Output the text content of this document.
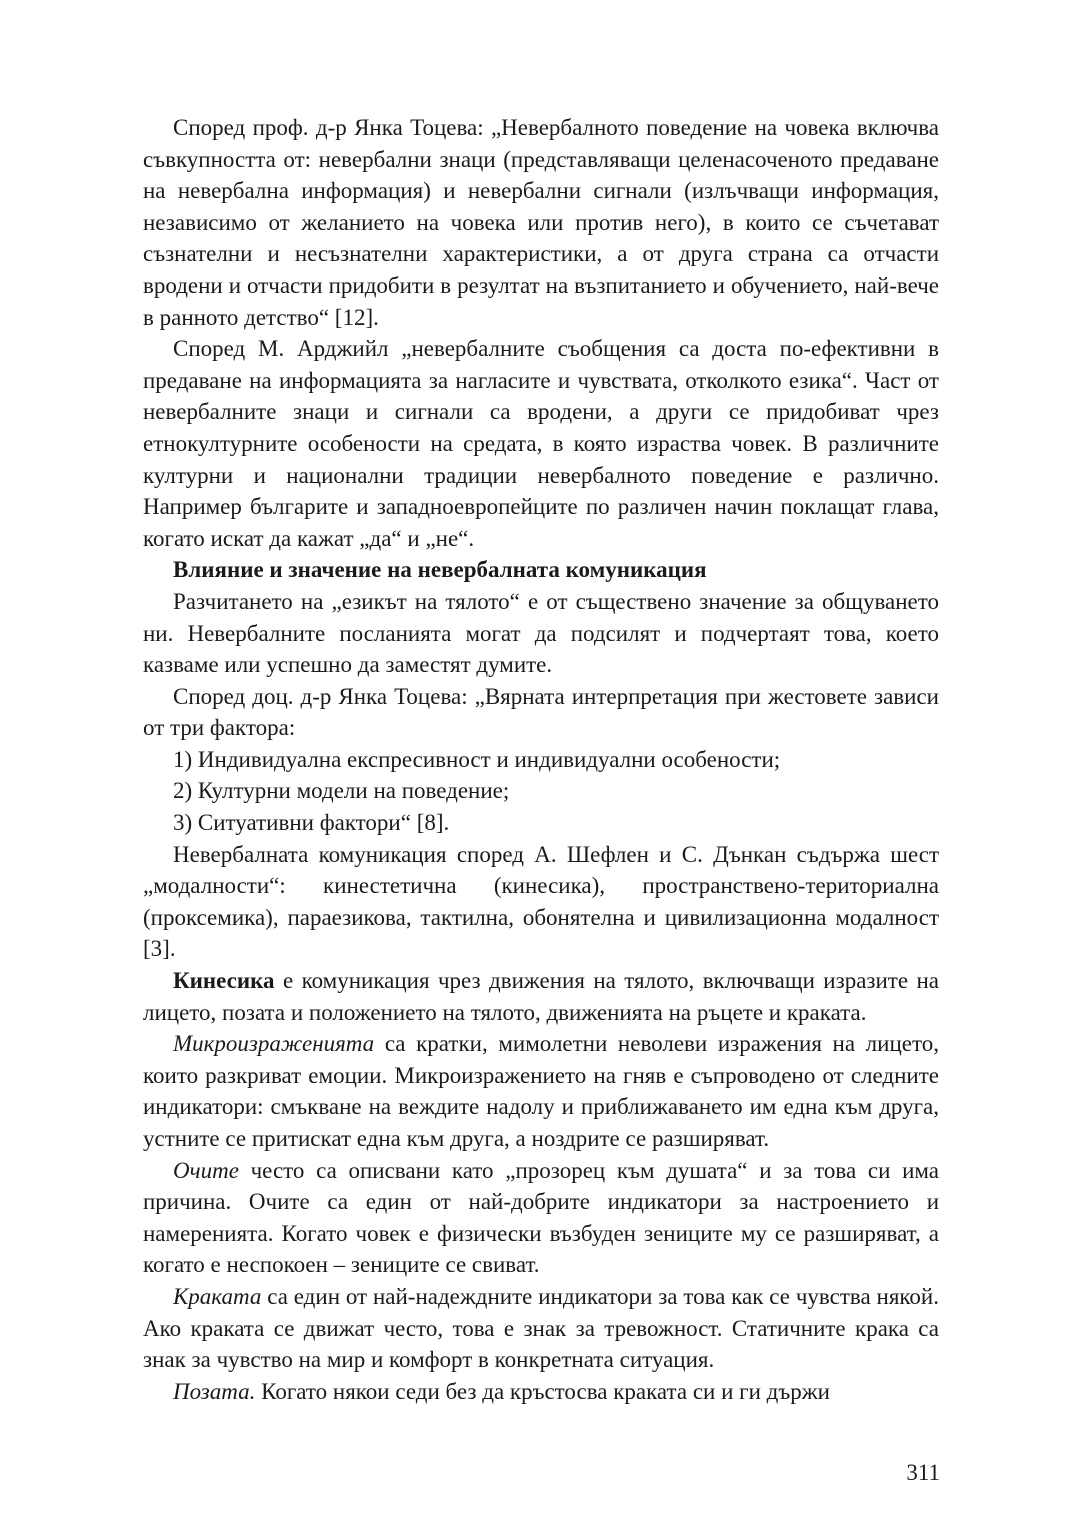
Според проф. д-р Янка Тоцева: „Невербалното поведение на човека включва съвкупността от: невербални знаци (представляващи целенасоченото предаване на невербална информация) и невербални сигнали (излъчващи информация, независимо от желанието на човека или против него), в които се съчетават съзнателни и несъзнателни характеристики, а от друга страна са отчасти вродени и отчасти придобити в резултат на възпитанието и обучението, най-вече в ранното детство“ [12].

Според М. Арджийл „невербалните съобщения са доста по-ефективни в предаване на информацията за нагласите и чувствата, отколкото езика“. Част от невербалните знаци и сигнали са вродени, а други се придобиват чрез етнокултурните особености на средата, в която израства човек. В различните културни и национални традиции невербалното поведение е различно. Например българите и западноевропейците по различен начин поклащат глава, когато искат да кажат „да“ и „не“.

Влияние и значение на невербалната комуникация

Разчитането на „езикът на тялото“ е от съществено значение за общуването ни. Невербалните посланията могат да подсилят и подчертаят това, което казваме или успешно да заместят думите.

Според доц. д-р Янка Тоцева: „Вярната интерпретация при жестовете зависи от три фактора:

1) Индивидуална експресивност и индивидуални особености;

2) Културни модели на поведение;

3) Ситуативни фактори“ [8].

Невербалната комуникация според А. Шефлен и С. Дънкан съдържа шест „модалности“: кинестетична (кинесика), пространствено-териториална (проксемика), параезикова, тактилна, обонятелна и цивилизационна модалност [3].

Кинесика е комуникация чрез движения на тялото, включващи изразите на лицето, позата и положението на тялото, движенията на ръцете и краката.

Микроизраженията са кратки, мимолетни неволеви изражения на лицето, които разкриват емоции. Микроизражението на гняв е съпроводено от следните индикатори: смъкване на веждите надолу и приближаването им една към друга, устните се притискат една към друга, а ноздрите се разширяват.

Очите често са описвани като „прозорец към душата“ и за това си има причина. Очите са един от най-добрите индикатори за настроението и намеренията. Когато човек е физически възбуден зениците му се разширяват, а когато е неспокоен – зениците се свиват.

Краката са един от най-надеждните индикатори за това как се чувства някой. Ако краката се движат често, това е знак за тревожност. Статичните крака са знак за чувство на мир и комфорт в конкретната ситуация.

Позата. Когато някои седи без да кръстосва краката си и ги държи

311
